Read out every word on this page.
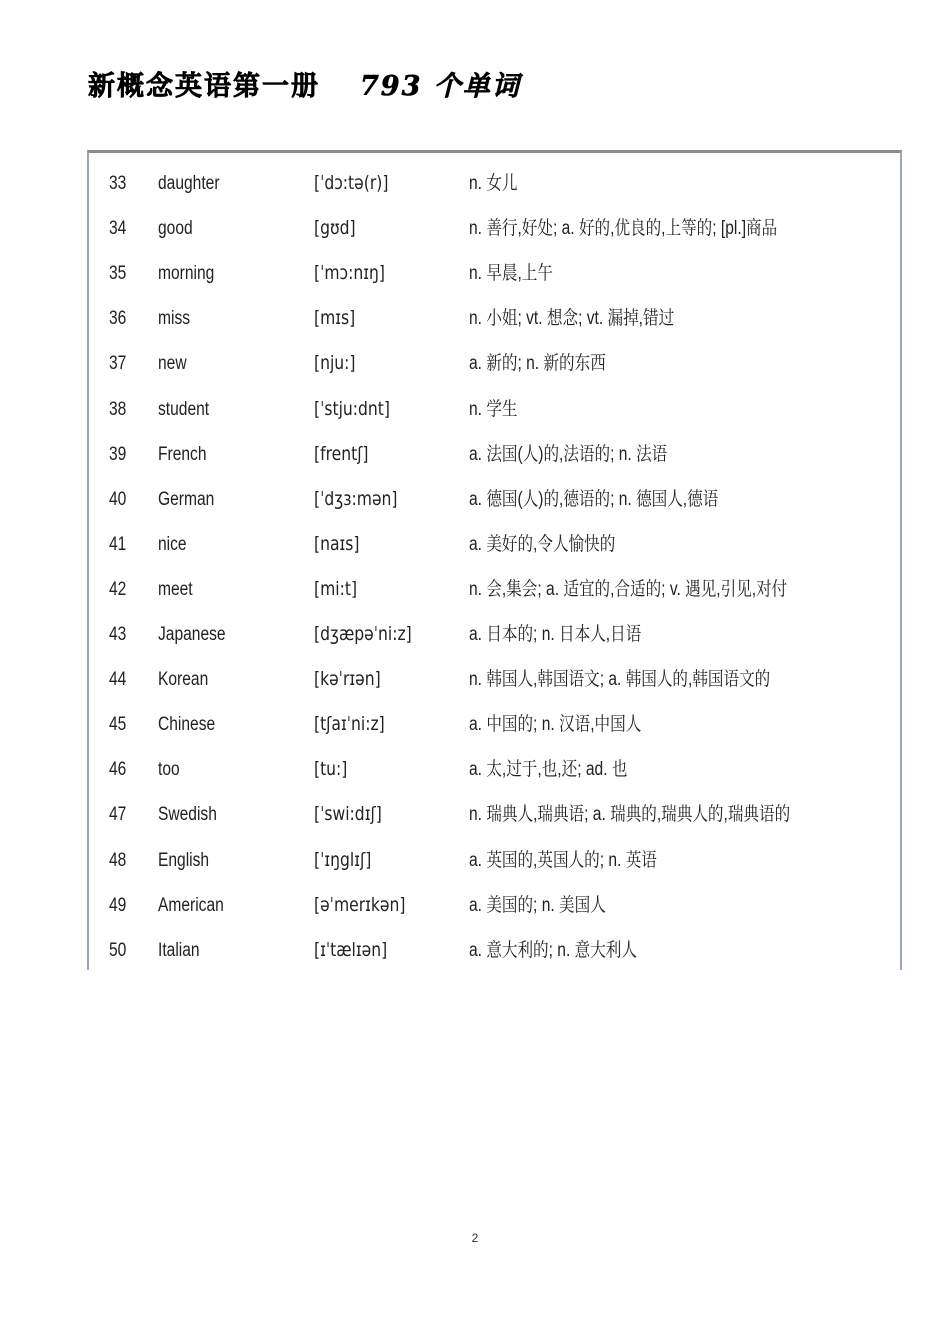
新概念英语第一册 793 个单词
33 daughter	[ˈdɔ:tə(r)]	n. 女儿
34 good	[gʊd]	n. 善行,好处; a. 好的,优良的,上等的; [pl.]商品
35 morning	[ˈmɔ:nɪŋ]	n. 早晨,上午
36 miss	[mɪs]	n. 小姐; vt. 想念; vt. 漏掉,错过
37 new	[nju:]	a. 新的; n. 新的东西
38 student	[ˈstju:dnt]	n. 学生
39 French	[frentʃ]	a. 法国(人)的,法语的; n. 法语
40 German	[ˈdʒɜ:mən]	a. 德国(人)的,德语的; n. 德国人,德语
41 nice	[naɪs]	a. 美好的,令人愉快的
42 meet	[mi:t]	n. 会,集会; a. 适宜的,合适的; v. 遇见,引见,对付
43 Japanese	[dʒæpəˈni:z]	a. 日本的; n. 日本人,日语
44 Korean	[kəˈrɪən]	n. 韩国人,韩国语文; a. 韩国人的,韩国语文的
45 Chinese	[tʃaɪˈni:z]	a. 中国的; n. 汉语,中国人
46 too	[tu:]	a. 太,过于,也,还; ad. 也
47 Swedish	[ˈswi:dɪʃ]	n. 瑞典人,瑞典语; a. 瑞典的,瑞典人的,瑞典语的
48 English	[ˈɪŋglɪʃ]	a. 英国的,英国人的; n. 英语
49 American	[əˈmerɪkən]	a. 美国的; n. 美国人
50 Italian	[ɪˈtælɪən]	a. 意大利的; n. 意大利人
2
